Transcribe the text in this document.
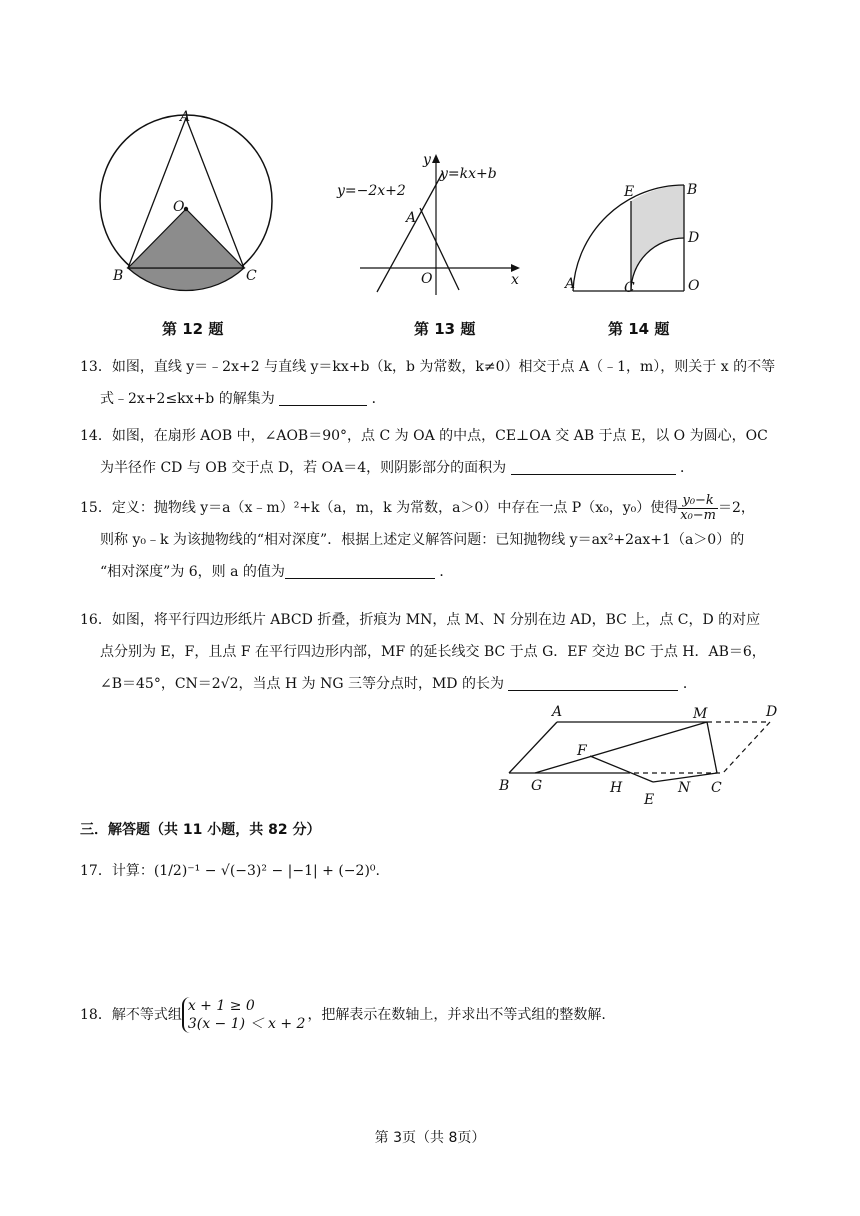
A
O
B	C
第 12 题
y
x
y=−2x+2
y=kx+b
A
O
第 13 题
E	B
D
A	C	O
第 14 题
13．如图，直线 y＝﹣2x+2 与直线 y＝kx+b（k，b 为常数，k≠0）相交于点 A（﹣1，m），则关于 x 的不等
式﹣2x+2≤kx+b 的解集为	．
14．如图，在扇形 AOB 中，∠AOB＝90°，点 C 为 OA 的中点，CE⊥OA 交 AB 于点 E，以 O 为圆心，OC
为半径作 CD 与 OB 交于点 D，若 OA＝4，则阴影部分的面积为	．
15．定义：抛物线 y＝a（x﹣m）²+k（a，m，k 为常数，a＞0）中存在一点 P（x₀，y₀）使得 $\frac{\text{y₀−k}}{\text{x₀−m}} =2$，
则称 y₀﹣k 为该抛物线的“相对深度”．根据上述定义解答问题：已知抛物线 y＝ax²+2ax+1（a＞0）的
“相对深度”为 6，则 a 的值为	．
16．如图，将平行四边形纸片 ABCD 折叠，折痕为 MN，点 M、N 分别在边 AD，BC 上，点 C，D 的对应
点分别为 E，F，且点 F 在平行四边形内部，MF 的延长线交 BC 于点 G．EF 交边 BC 于点 H．AB＝6，
∠B＝45°，CN＝2√2，当点 H 为 NG 三等分点时，MD 的长为	．
A	M	D
F
B G	H	N C
E
三．解答题（共 11 小题，共 82 分）
17．计算：(1/2)⁻¹ − √(−3)² − |−1| + (−2)⁰.
18．解不等式组
x + 1 ≥ 0
3(x − 1) ＜ x + 2
，把解表示在数轴上，并求出不等式组的整数解.
第 3页（共 8页）
